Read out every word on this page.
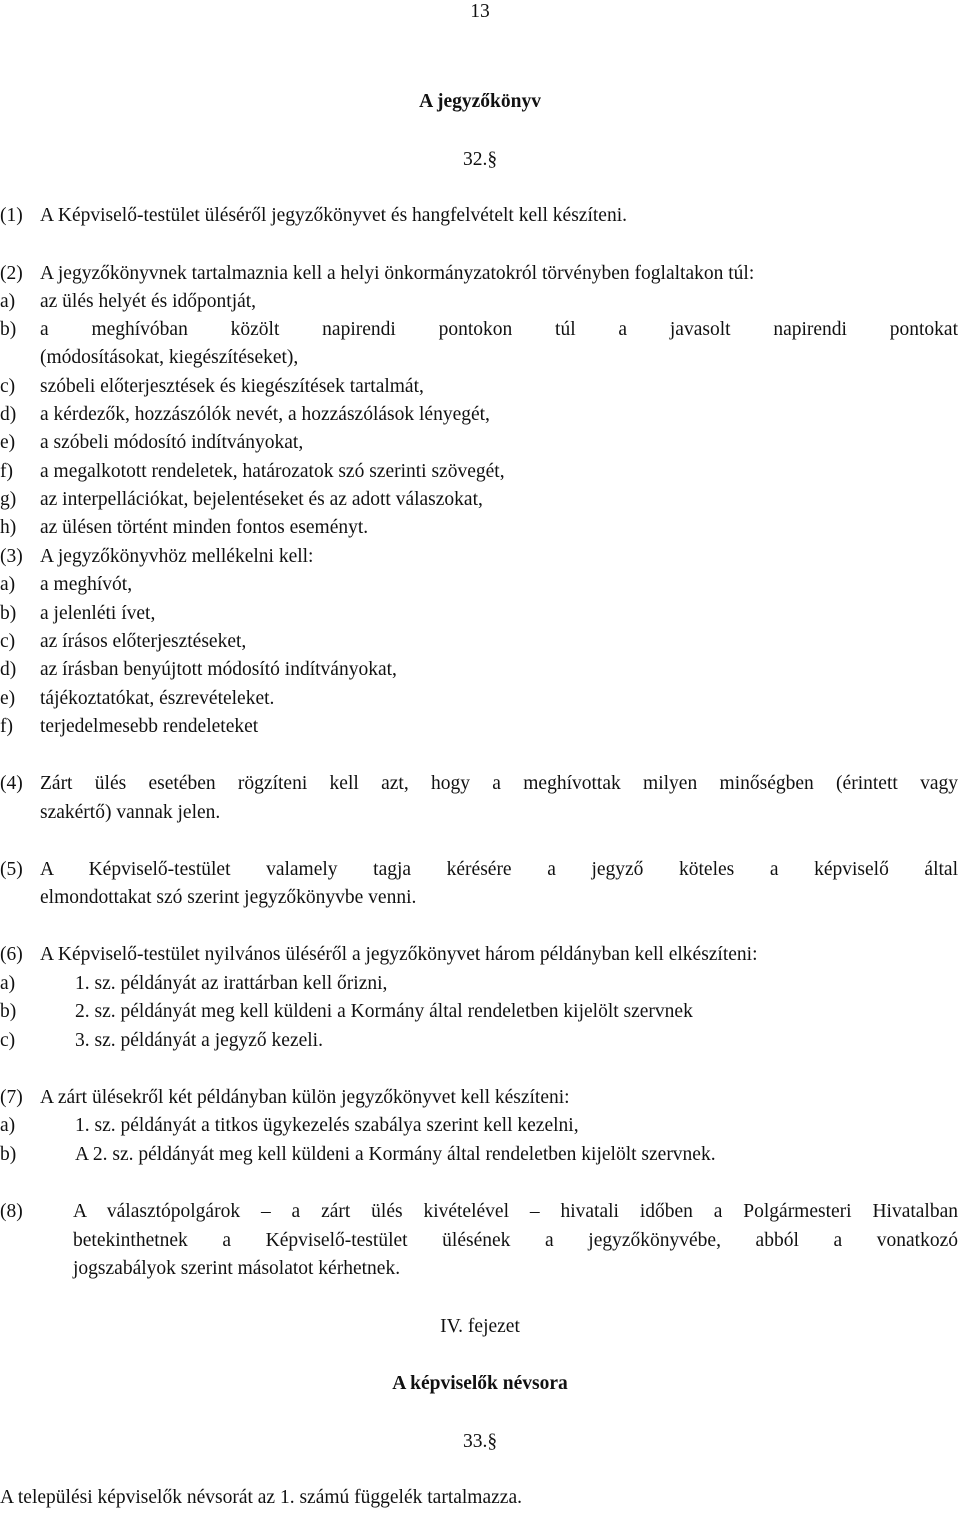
13
A jegyzőkönyv
32.§
(1) A Képviselő-testület üléséről jegyzőkönyvet és hangfelvételt kell készíteni.
(2) A jegyzőkönyvnek tartalmaznia kell a helyi önkormányzatokról törvényben foglaltakon túl:
a) az ülés helyét és időpontját,
b) a meghívóban közölt napirendi pontokon túl a javasolt napirendi pontokat
(módosításokat, kiegészítéseket),
c) szóbeli előterjesztések és kiegészítések tartalmát,
d) a kérdezők, hozzászólók nevét, a hozzászólások lényegét,
e) a szóbeli módosító indítványokat,
f) a megalkotott rendeletek, határozatok szó szerinti szövegét,
g) az interpellációkat, bejelentéseket és az adott válaszokat,
h) az ülésen történt minden fontos eseményt.
(3) A jegyzőkönyvhöz mellékelni kell:
a) a meghívót,
b) a jelenléti ívet,
c) az írásos előterjesztéseket,
d) az írásban benyújtott módosító indítványokat,
e) tájékoztatókat, észrevételeket.
f) terjedelmesebb rendeleteket
(4) Zárt ülés esetében rögzíteni kell azt, hogy a meghívottak milyen minőségben (érintett vagy
szakértő) vannak jelen.
(5) A Képviselő-testület valamely tagja kérésére a jegyző köteles a képviselő által
elmondottakat szó szerint jegyzőkönyvbe venni.
(6) A Képviselő-testület nyilvános üléséről a jegyzőkönyvet három példányban kell elkészíteni:
a)	1. sz. példányát az irattárban kell őrizni,
b)	2. sz. példányát meg kell küldeni a Kormány által rendeletben kijelölt szervnek
c)	3. sz. példányát a jegyző kezeli.
(7) A zárt ülésekről két példányban külön jegyzőkönyvet kell készíteni:
a)	1. sz. példányát a titkos ügykezelés szabálya szerint kell kezelni,
b)	A 2. sz. példányát meg kell küldeni a Kormány által rendeletben kijelölt szervnek.
(8)	A választópolgárok – a zárt ülés kivételével – hivatali időben a Polgármesteri Hivatalban
betekinthetnek a Képviselő-testület ülésének a jegyzőkönyvébe, abból a vonatkozó
jogszabályok szerint másolatot kérhetnek.
IV. fejezet
A képviselők névsora
33.§
A települési képviselők névsorát az 1. számú függelék tartalmazza.
